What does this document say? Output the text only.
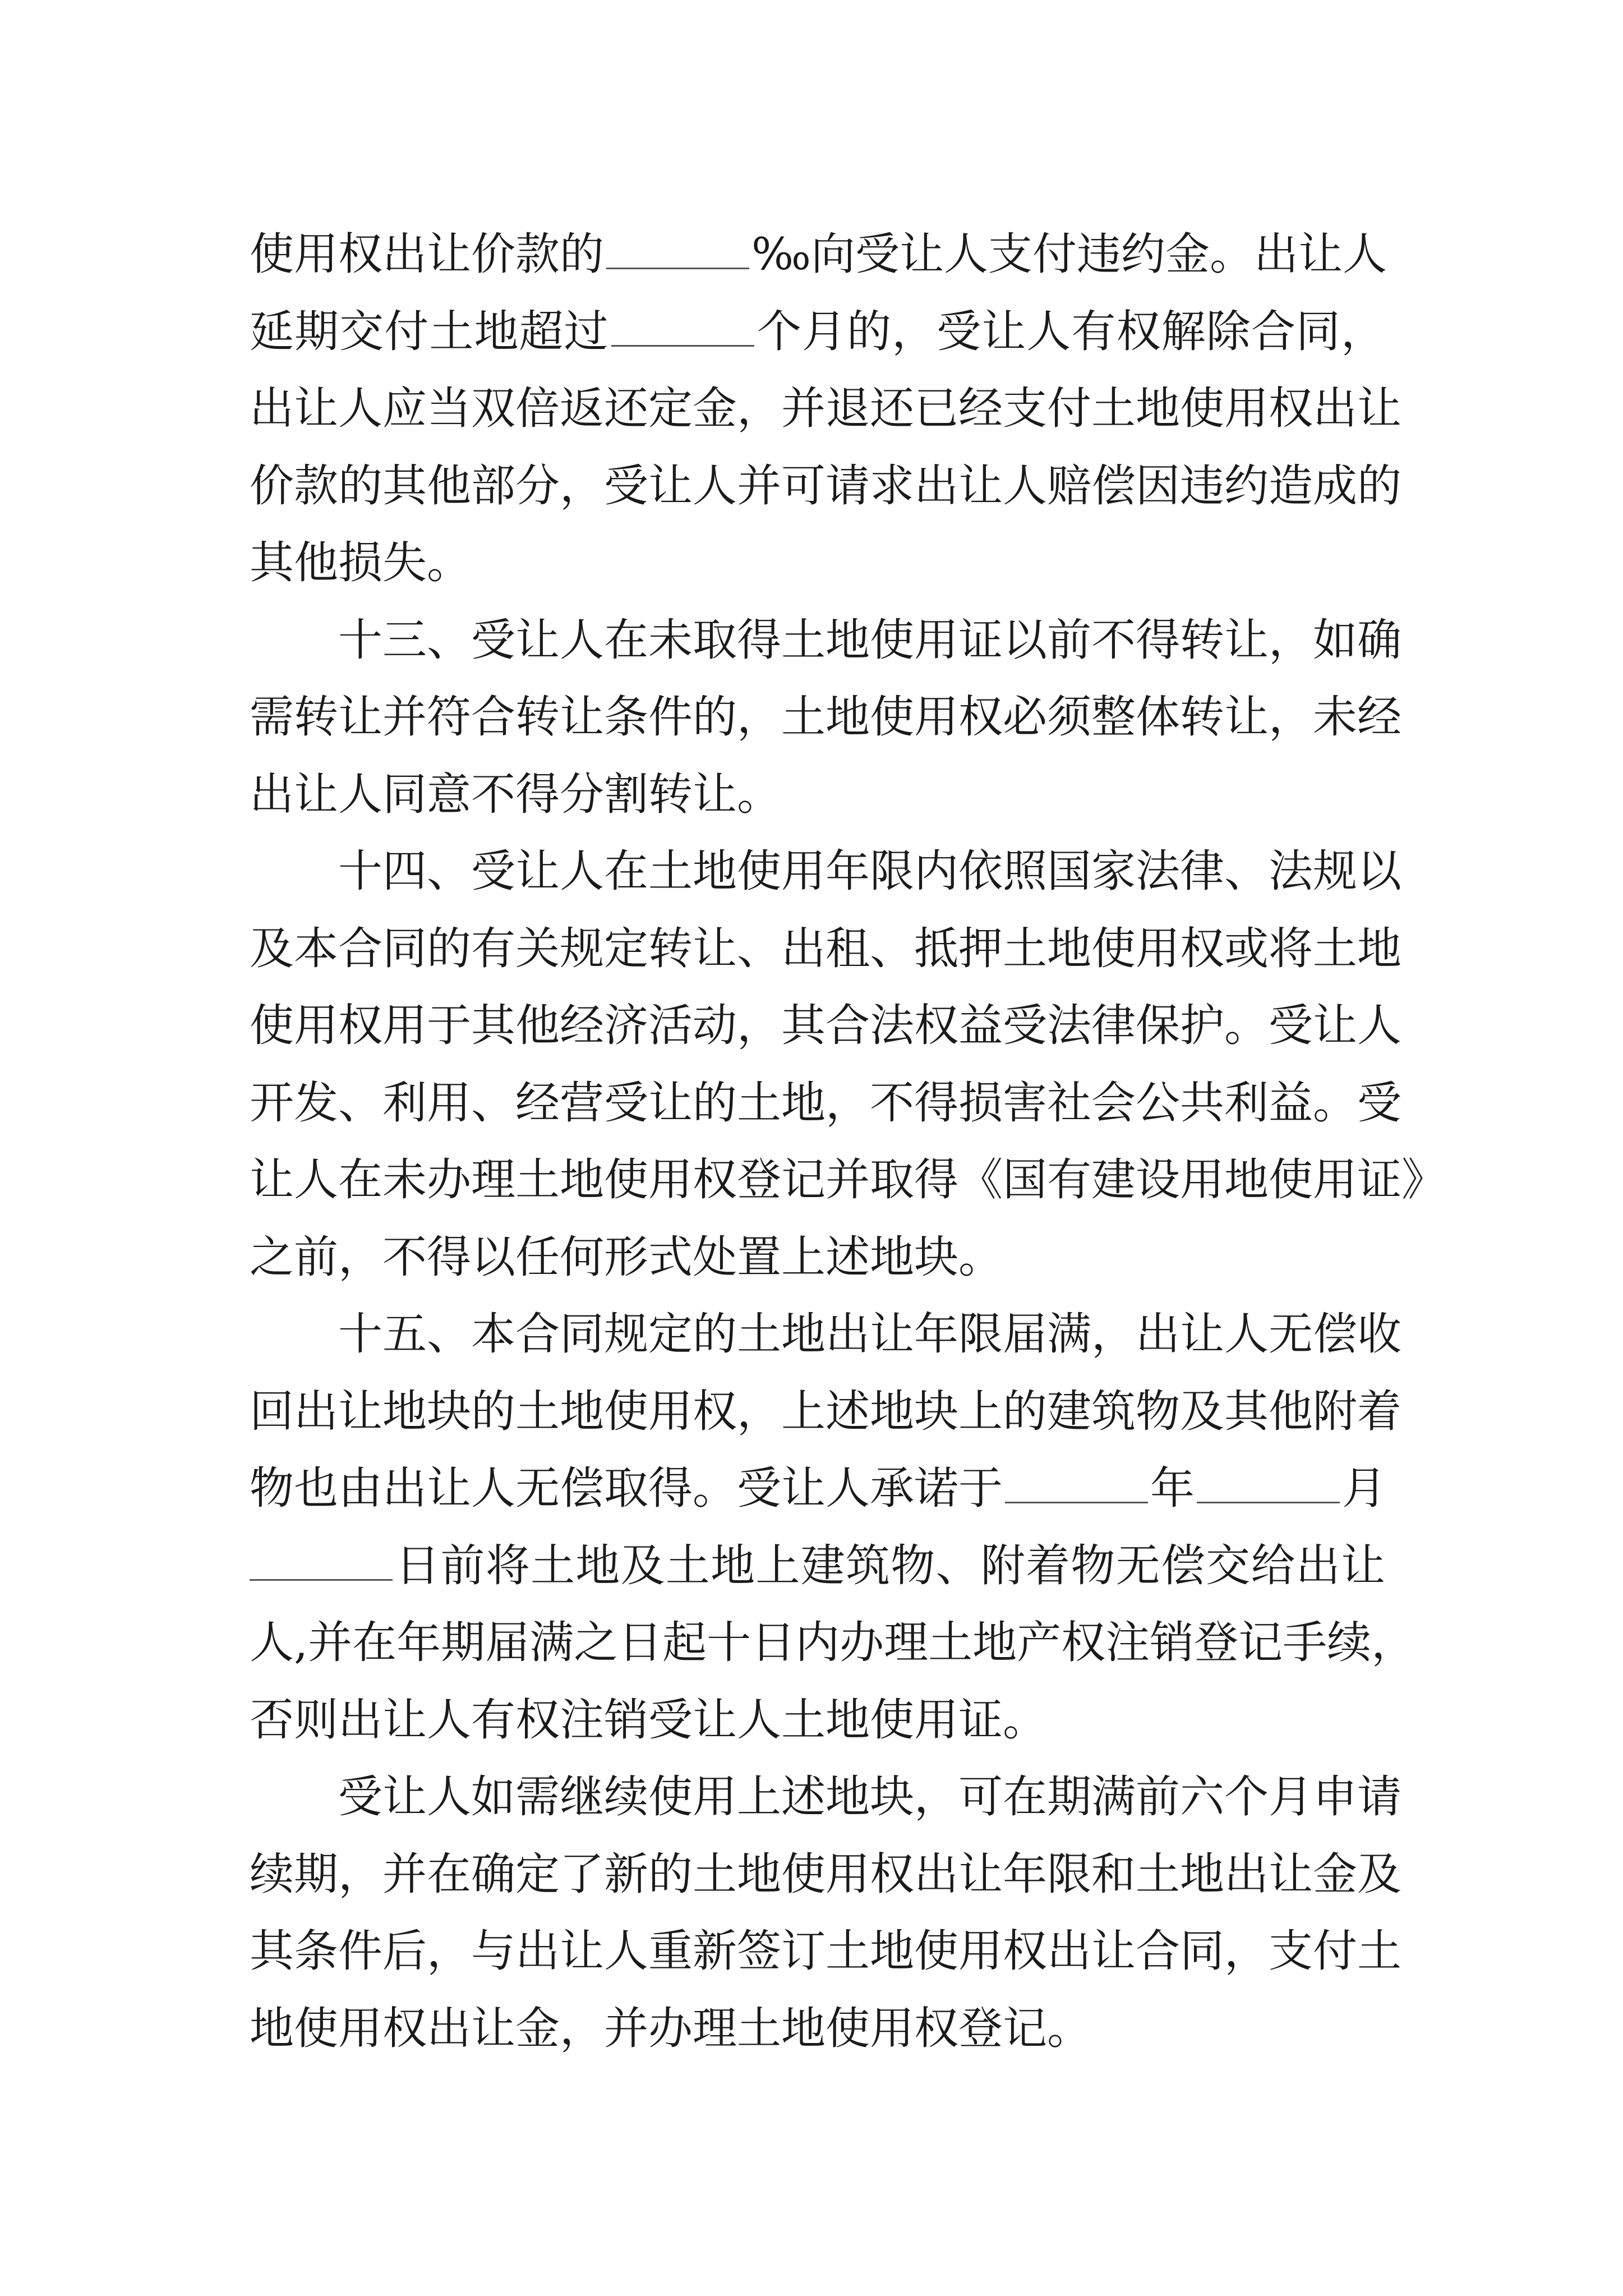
使用权出让价款的	‰向受让人支付违约金。出让人
延期交付土地超过	个月的，受让人有权解除合同，
出让人应当双倍返还定金，并退还已经支付土地使用权出让
价款的其他部分，受让人并可请求出让人赔偿因违约造成的
其他损失。
十三、受让人在未取得土地使用证以前不得转让，如确
需转让并符合转让条件的，土地使用权必须整体转让，未经
出让人同意不得分割转让。
十四、受让人在土地使用年限内依照国家法律、法规以
及本合同的有关规定转让、出租、抵押土地使用权或将土地
使用权用于其他经济活动，其合法权益受法律保护。受让人
开发、利用、经营受让的土地，不得损害社会公共利益。受
让人在未办理土地使用权登记并取得《国有建设用地使用证》
之前，不得以任何形式处置上述地块。
十五、本合同规定的土地出让年限届满，出让人无偿收
回出让地块的土地使用权，上述地块上的建筑物及其他附着
物也由出让人无偿取得。受让人承诺于	年	月
日前将土地及土地上建筑物、附着物无偿交给出让
人,并在年期届满之日起十日内办理土地产权注销登记手续，
否则出让人有权注销受让人土地使用证。
受让人如需继续使用上述地块，可在期满前六个月申请
续期，并在确定了新的土地使用权出让年限和土地出让金及
其条件后，与出让人重新签订土地使用权出让合同，支付土
地使用权出让金，并办理土地使用权登记。
